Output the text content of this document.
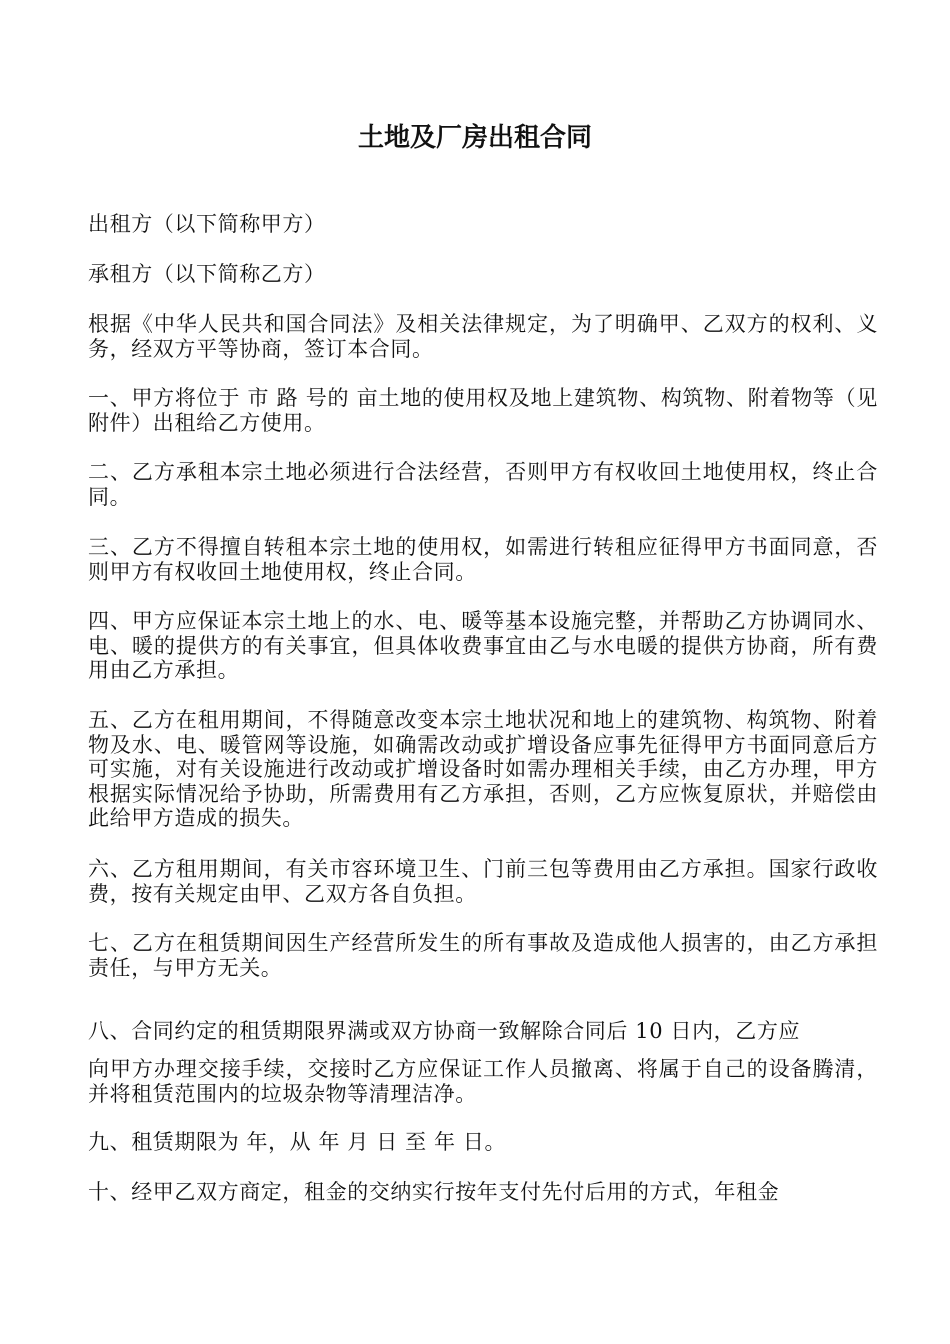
土地及厂房出租合同

出租方（以下简称甲方）

承租方（以下简称乙方）

根据《中华人民共和国合同法》及相关法律规定，为了明确甲、乙双方的权利、义务，经双方平等协商，签订本合同。

一、甲方将位于 市 路 号的 亩土地的使用权及地上建筑物、构筑物、附着物等（见附件）出租给乙方使用。

二、乙方承租本宗土地必须进行合法经营，否则甲方有权收回土地使用权，终止合同。

三、乙方不得擅自转租本宗土地的使用权，如需进行转租应征得甲方书面同意，否则甲方有权收回土地使用权，终止合同。

四、甲方应保证本宗土地上的水、电、暖等基本设施完整，并帮助乙方协调同水、电、暖的提供方的有关事宜，但具体收费事宜由乙与水电暖的提供方协商，所有费用由乙方承担。

五、乙方在租用期间，不得随意改变本宗土地状况和地上的建筑物、构筑物、附着物及水、电、暖管网等设施，如确需改动或扩增设备应事先征得甲方书面同意后方可实施，对有关设施进行改动或扩增设备时如需办理相关手续，由乙方办理，甲方根据实际情况给予协助，所需费用有乙方承担，否则，乙方应恢复原状，并赔偿由此给甲方造成的损失。

六、乙方租用期间，有关市容环境卫生、门前三包等费用由乙方承担。国家行政收费，按有关规定由甲、乙双方各自负担。

七、乙方在租赁期间因生产经营所发生的所有事故及造成他人损害的，由乙方承担责任，与甲方无关。

八、合同约定的租赁期限界满或双方协商一致解除合同后 10 日内，乙方应

向甲方办理交接手续，交接时乙方应保证工作人员撤离、将属于自己的设备腾清，并将租赁范围内的垃圾杂物等清理洁净。

九、租赁期限为 年，从 年 月 日 至 年 日。

十、经甲乙双方商定，租金的交纳实行按年支付先付后用的方式，年租金
